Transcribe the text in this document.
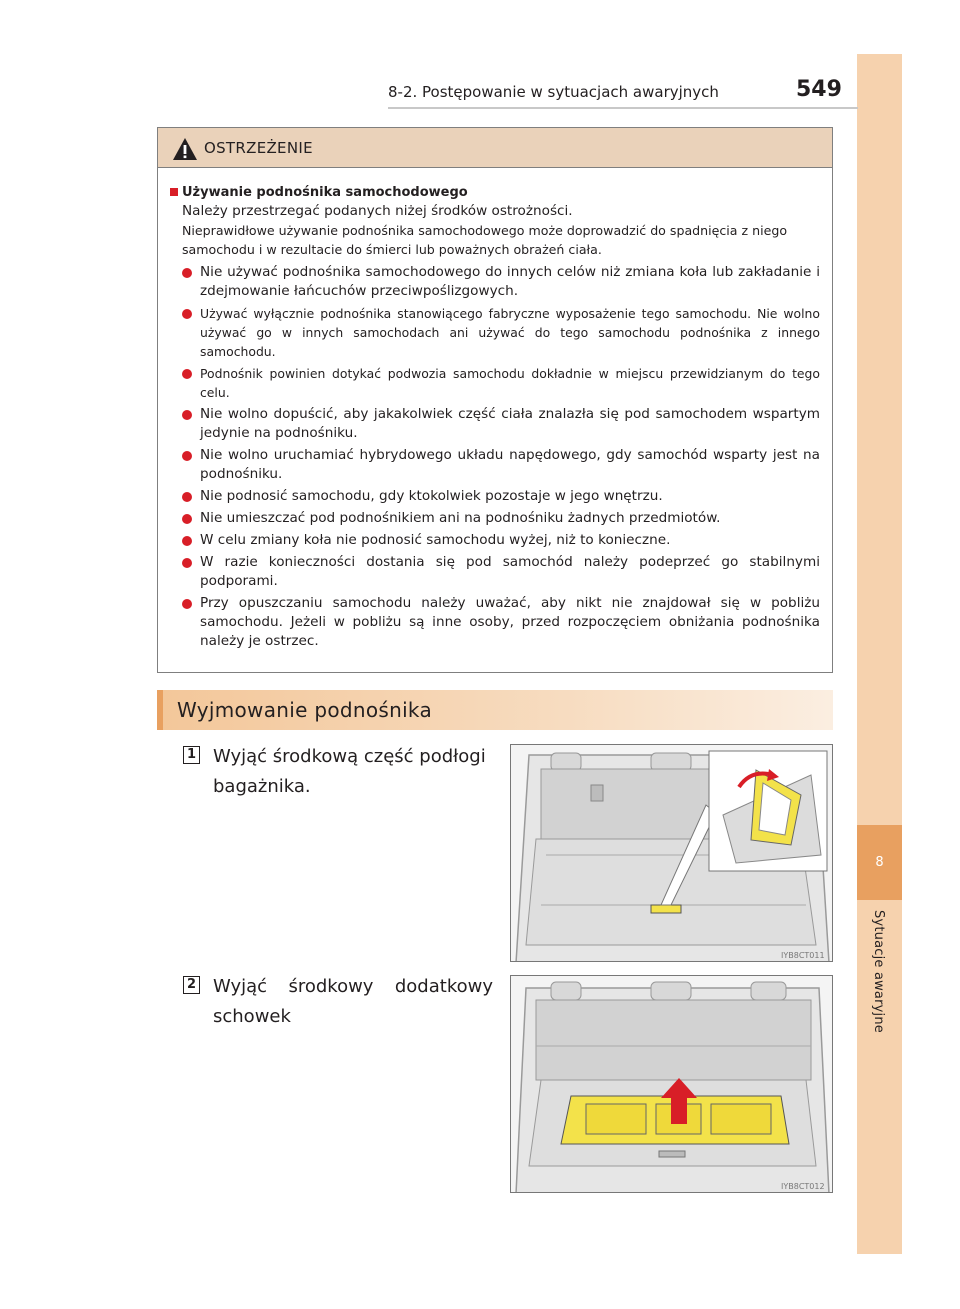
8
Sytuacje awaryjne
8-2. Postępowanie w sytuacjach awaryjnych	549
OSTRZEŻENIE
Używanie podnośnika samochodowego
Należy przestrzegać podanych niżej środków ostrożności.
Nieprawidłowe używanie podnośnika samochodowego może doprowadzić do spadnięcia z niego samochodu i w rezultacie do śmierci lub poważnych obrażeń ciała.
Nie używać podnośnika samochodowego do innych celów niż zmiana koła lub zakładanie i zdejmowanie łańcuchów przeciwpoślizgowych.
Używać wyłącznie podnośnika stanowiącego fabryczne wyposażenie tego samochodu. Nie wolno używać go w innych samochodach ani używać do tego samochodu podnośnika z innego samochodu.
Podnośnik powinien dotykać podwozia samochodu dokładnie w miejscu przewidzianym do tego celu.
Nie wolno dopuścić, aby jakakolwiek część ciała znalazła się pod samochodem wspartym jedynie na podnośniku.
Nie wolno uruchamiać hybrydowego układu napędowego, gdy samochód wsparty jest na podnośniku.
Nie podnosić samochodu, gdy ktokolwiek pozostaje w jego wnętrzu.
Nie umieszczać pod podnośnikiem ani na podnośniku żadnych przedmiotów.
W celu zmiany koła nie podnosić samochodu wyżej, niż to konieczne.
W razie konieczności dostania się pod samochód należy podeprzeć go stabilnymi podporami.
Przy opuszczaniu samochodu należy uważać, aby nikt nie znajdował się w pobliżu samochodu. Jeżeli w pobliżu są inne osoby, przed rozpoczęciem obniżania podnośnika należy je ostrzec.
Wyjmowanie podnośnika
1 Wyjąć środkową część podłogi bagażnika.
IYB8CT011
2 Wyjąć środkowy dodatkowy schowek
IYB8CT012
